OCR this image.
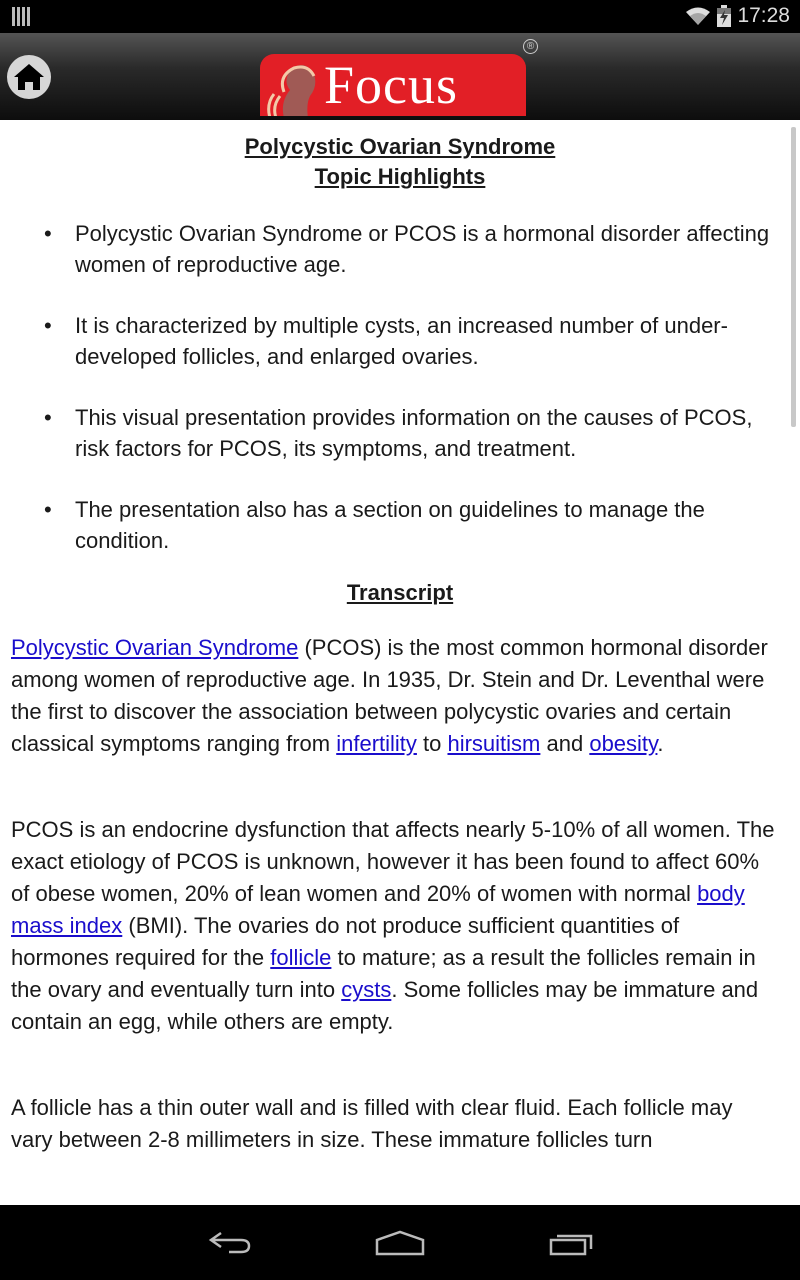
17:28
Focus
®
Polycystic Ovarian Syndrome
Topic Highlights
• Polycystic Ovarian Syndrome or PCOS is a hormonal disorder affecting women of reproductive age.
• It is characterized by multiple cysts, an increased number of under-developed follicles, and enlarged ovaries.
• This visual presentation provides information on the causes of PCOS, risk factors for PCOS, its symptoms, and treatment.
• The presentation also has a section on guidelines to manage the condition.
Transcript

Polycystic Ovarian Syndrome (PCOS) is the most common hormonal disorder among women of reproductive age. In 1935, Dr. Stein and Dr. Leventhal were the first to discover the association between polycystic ovaries and certain classical symptoms ranging from infertility to hirsuitism and obesity.

PCOS is an endocrine dysfunction that affects nearly 5-10% of all women. The exact etiology of PCOS is unknown, however it has been found to affect 60% of obese women, 20% of lean women and 20% of women with normal body mass index (BMI). The ovaries do not produce sufficient quantities of hormones required for the follicle to mature; as a result the follicles remain in the ovary and eventually turn into cysts. Some follicles may be immature and contain an egg, while others are empty.

A follicle has a thin outer wall and is filled with clear fluid. Each follicle may vary between 2-8 millimeters in size. These immature follicles turn
